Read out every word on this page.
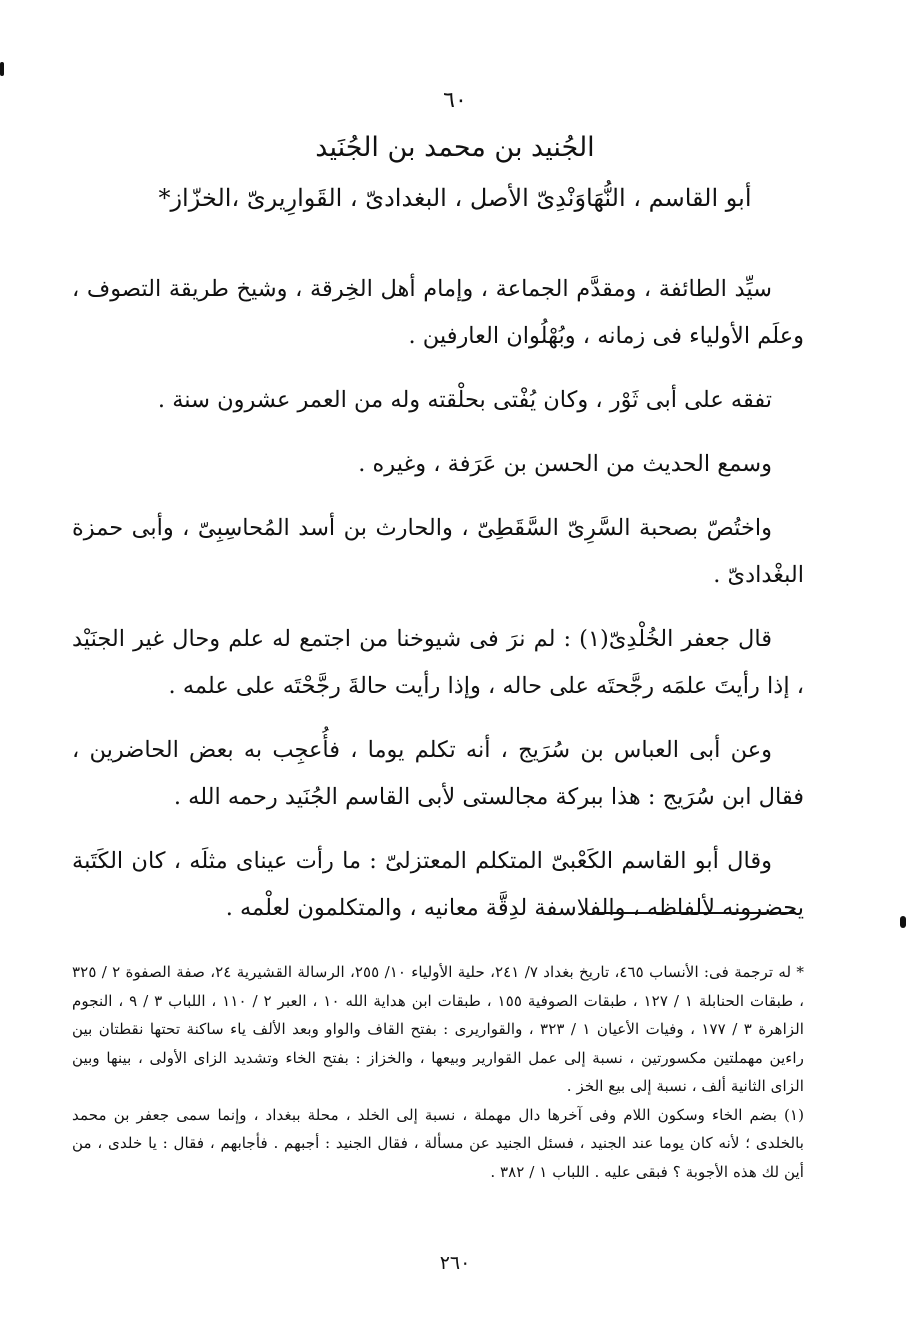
٦٠
الجُنيد بن محمد بن الجُنَيد
أبو القاسم ، النُّهَاوَنْدِىّ الأصل ، البغدادىّ ، القَوارِيرىّ ،الخزّاز*

سيِّد الطائفة ، ومقدَّم الجماعة ، وإمام أهل الخِرقة ، وشيخ طريقة التصوف ، وعلَم الأولياء فى زمانه ، وبُهْلُوان العارفين .

تفقه على أبى ثَوْر ، وكان يُفْتى بحلْقته وله من العمر عشرون سنة .

وسمع الحديث من الحسن بن عَرَفة ، وغيره .

واختُصّ بصحبة السَّرِىّ السَّقَطِىّ ، والحارث بن أسد المُحاسِبِىّ ، وأبى حمزة البغْدادىّ .

قال جعفر الخُلْدِىّ(١) : لم نرَ فى شيوخنا من اجتمع له علم وحال غير الجنَيْد ، إذا رأيتَ علمَه رجَّحتَه على حاله ، وإذا رأيت حالةَ رجَّحْتَه على علمه .

وعن أبى العباس بن سُرَيج ، أنه تكلم يوما ، فأُعجِب به بعض الحاضرين ، فقال ابن سُرَيج : هذا ببركة مجالستى لأبى القاسم الجُنَيد رحمه الله .

وقال أبو القاسم الكَعْبىّ المتكلم المعتزلىّ : ما رأت عيناى مثلَه ، كان الكَتَبة يحضرونه لألفاظه ، والفلاسفة لدِقَّة معانيه ، والمتكلمون لعلْمه .

* له ترجمة فى: الأنساب ٤٦٥، تاريخ بغداد ٧/ ٢٤١، حلية الأولياء ١٠/ ٢٥٥، الرسالة القشيرية ٢٤، صفة الصفوة ٢ / ٣٢٥ ، طبقات الحنابلة ١ / ١٢٧ ، طبقات الصوفية ١٥٥ ، طبقات ابن هداية الله ١٠ ، العبر ٢ / ١١٠ ، اللباب ٣ / ٩ ، النجوم الزاهرة ٣ / ١٧٧ ، وفيات الأعيان ١ / ٣٢٣ ، والقواريرى : بفتح القاف والواو وبعد الألف ياء ساكنة تحتها نقطتان بين راءين مهملتين مكسورتين ، نسبة إلى عمل القوارير وبيعها ، والخزاز : بفتح الخاء وتشديد الزاى الأولى ، بينها وبين الزاى الثانية ألف ، نسبة إلى بيع الخز .

(١) بضم الخاء وسكون اللام وفى آخرها دال مهملة ، نسبة إلى الخلد ، محلة ببغداد ، وإنما سمى جعفر بن محمد بالخلدى ؛ لأنه كان يوما عند الجنيد ، فسئل الجنيد عن مسألة ، فقال الجنيد : أجبهم . فأجابهم ، فقال : يا خلدى ، من أين لك هذه الأجوبة ؟ فبقى عليه . اللباب ١ / ٣٨٢ .

٢٦٠
